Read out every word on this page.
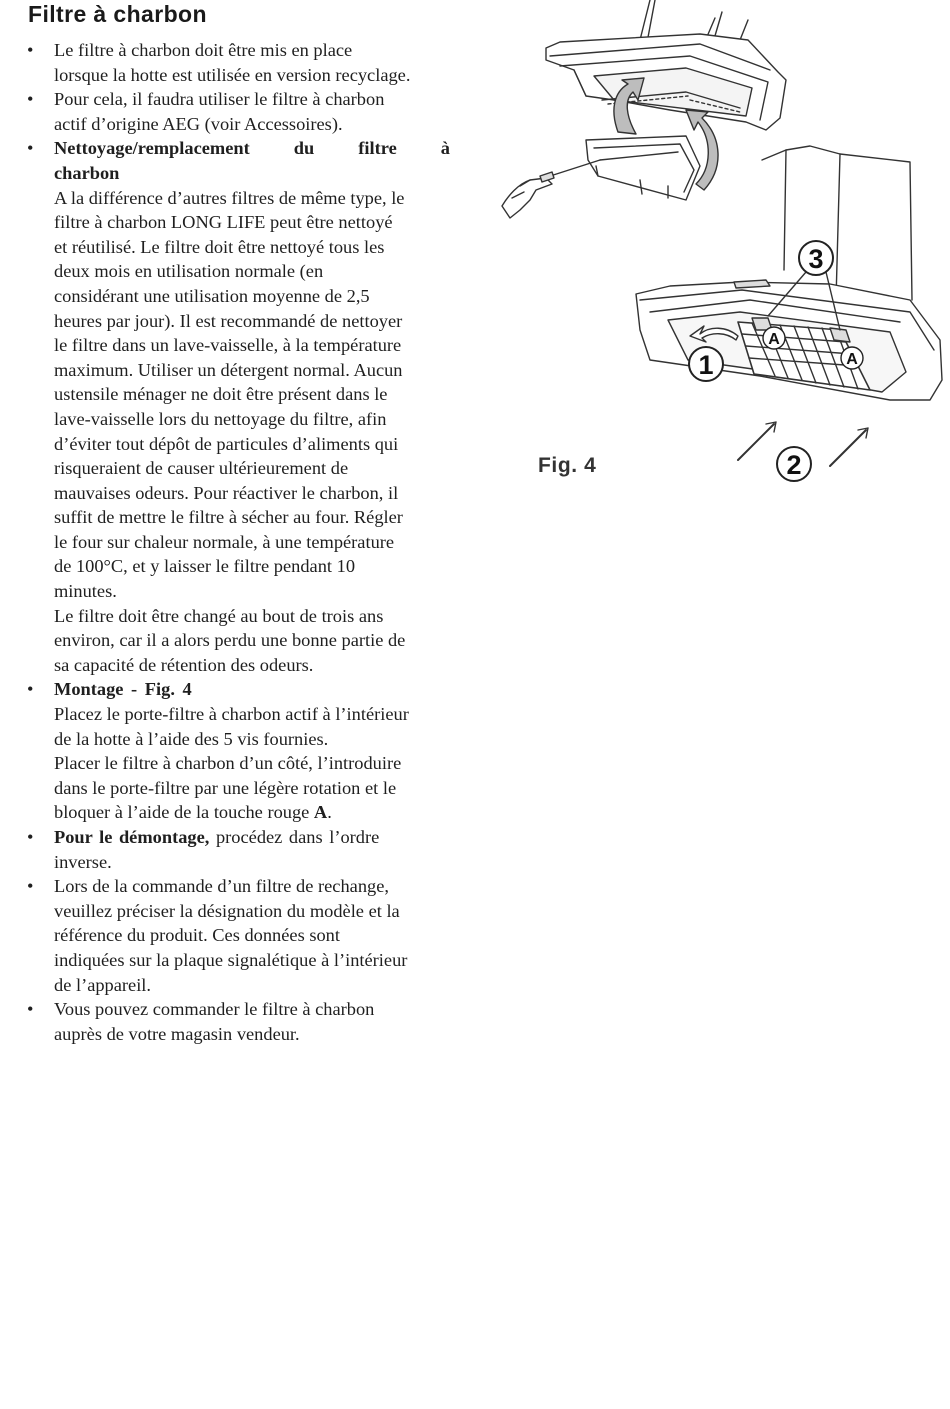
Filtre à charbon
• Le filtre à charbon doit être mis en place
lorsque la hotte est utilisée en version recyclage.
• Pour cela, il faudra utiliser le filtre à charbon
actif d’origine AEG (voir Accessoires).
• Nettoyage/remplacement du filtre à
charbon
A la différence d’autres filtres de même type, le
filtre à charbon LONG LIFE peut être nettoyé
et réutilisé. Le filtre doit être nettoyé tous les
deux mois en utilisation normale (en
considérant une utilisation moyenne de 2,5
heures par jour). Il est recommandé de nettoyer
le filtre dans un lave-vaisselle, à la température
maximum. Utiliser un détergent normal. Aucun
ustensile ménager ne doit être présent dans le
lave-vaisselle lors du nettoyage du filtre, afin
d’éviter tout dépôt de particules d’aliments qui
risqueraient de causer ultérieurement de
mauvaises odeurs. Pour réactiver le charbon, il
suffit de mettre le filtre à sécher au four. Régler
le four sur chaleur normale, à une température
de 100°C, et y laisser le filtre pendant 10
minutes.
Le filtre doit être changé au bout de trois ans
environ, car il a alors perdu une bonne partie de
sa capacité de rétention des odeurs.
• Montage - Fig. 4
Placez le porte-filtre à charbon actif à l’intérieur
de la hotte à l’aide des 5 vis fournies.
Placer le filtre à charbon d’un côté, l’introduire
dans le porte-filtre par une légère rotation et le
bloquer à l’aide de la touche rouge A.
• Pour le démontage, procédez dans l’ordre
inverse.
• Lors de la commande d’un filtre de rechange,
veuillez préciser la désignation du modèle et la
référence du produit. Ces données sont
indiquées sur la plaque signalétique à l’intérieur
de l’appareil.
• Vous pouvez commander le filtre à charbon
auprès de votre magasin vendeur.
3
1
2
A
A
Fig. 4
